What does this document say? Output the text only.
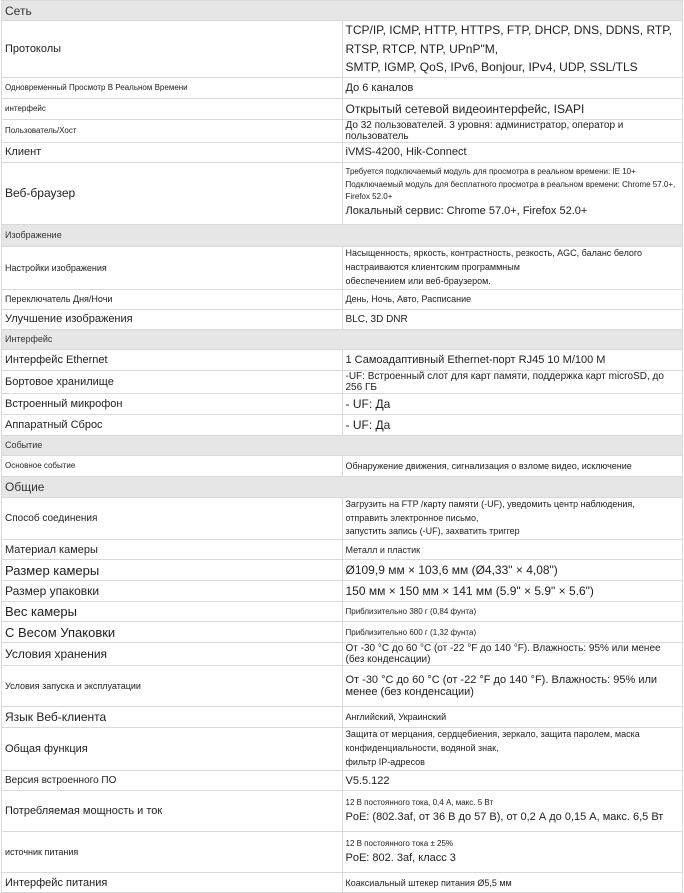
Сеть	
Протоколы	TCP/IP, ICMP, HTTP, HTTPS, FTP, DHCP, DNS, DDNS, RTP, RTSP, RTCP, NTP, UPnP"M,
SMTP, IGMP, QoS, IPv6, Bonjour, IPv4, UDP, SSL/TLS

Одновременный Просмотр В Реальном Времени	До 6 каналов
интерфейс	Открытый сетевой видеоинтерфейс, ISAPI
Пользователь/Хост	До 32 пользователей. 3 уровня: администратор, оператор и пользователь
Клиент	iVMS-4200, Hik-Connect
Веб-браузер	Требуется подключаемый модуль для просмотра в реальном времени: IE 10+
Подключаемый модуль для бесплатного просмотра в реальном времени: Chrome 57.0+, Firefox 52.0+
Локальный сервис: Chrome 57.0+, Firefox 52.0+

Изображение	
Настройки изображения	Насыщенность, яркость, контрастность, резкость, AGC, баланс белого настраиваются клиентским программным
обеспечением или веб-браузером.

Переключатель Дня/Ночи	День, Ночь, Авто, Расписание
Улучшение изображения	BLC, 3D DNR
Интерфейс	
Интерфейс Ethernet	1 Самоадаптивный Ethernet-порт RJ45 10 M/100 M
Бортовое хранилище	-UF: Встроенный слот для карт памяти, поддержка карт microSD, до 256 ГБ
Встроенный микрофон	- UF: Да
Аппаратный Сброс	- UF: Да
Событие	
Основное событие	Обнаружение движения, сигнализация о взломе видео, исключение
Общие	
Способ соединения	Загрузить на FTP /карту памяти (-UF), уведомить центр наблюдения, отправить электронное письмо,
запустить запись (-UF), захватить триггер

Материал камеры	Металл и пластик
Размер камеры	Ø109,9 мм × 103,6 мм (Ø4,33" × 4,08")
Размер упаковки	150 мм × 150 мм × 141 мм (5.9" × 5.9" × 5.6")
Вес камеры	Приблизительно 380 г (0,84 фунта)
С Весом Упаковки	Приблизительно 600 г (1,32 фунта)
Условия хранения	От -30 °C до 60 °C (от -22 °F до 140 °F). Влажность: 95% или менее (без конденсации)
Условия запуска и эксплуатации	От -30 °C до 60 °C (от -22 °F до 140 °F). Влажность: 95% или менее (без конденсации)
Язык Веб-клиента	Английский, Украинский
Общая функция	Защита от мерцания, сердцебиения, зеркало, защита паролем, маска конфиденциальности, водяной знак,
фильтр IP-адресов

Версия встроенного ПО	V5.5.122
Потребляемая мощность и ток	12 В постоянного тока, 0,4 А, макс. 5 Вт
PoE: (802.3af, от 36 В до 57 В), от 0,2 А до 0,15 А, макс. 6,5 Вт

источник питания	12 В постоянного тока ± 25%
PoE: 802. 3af, класс 3

Интерфейс питания	Коаксиальный штекер питания Ø5,5 мм
